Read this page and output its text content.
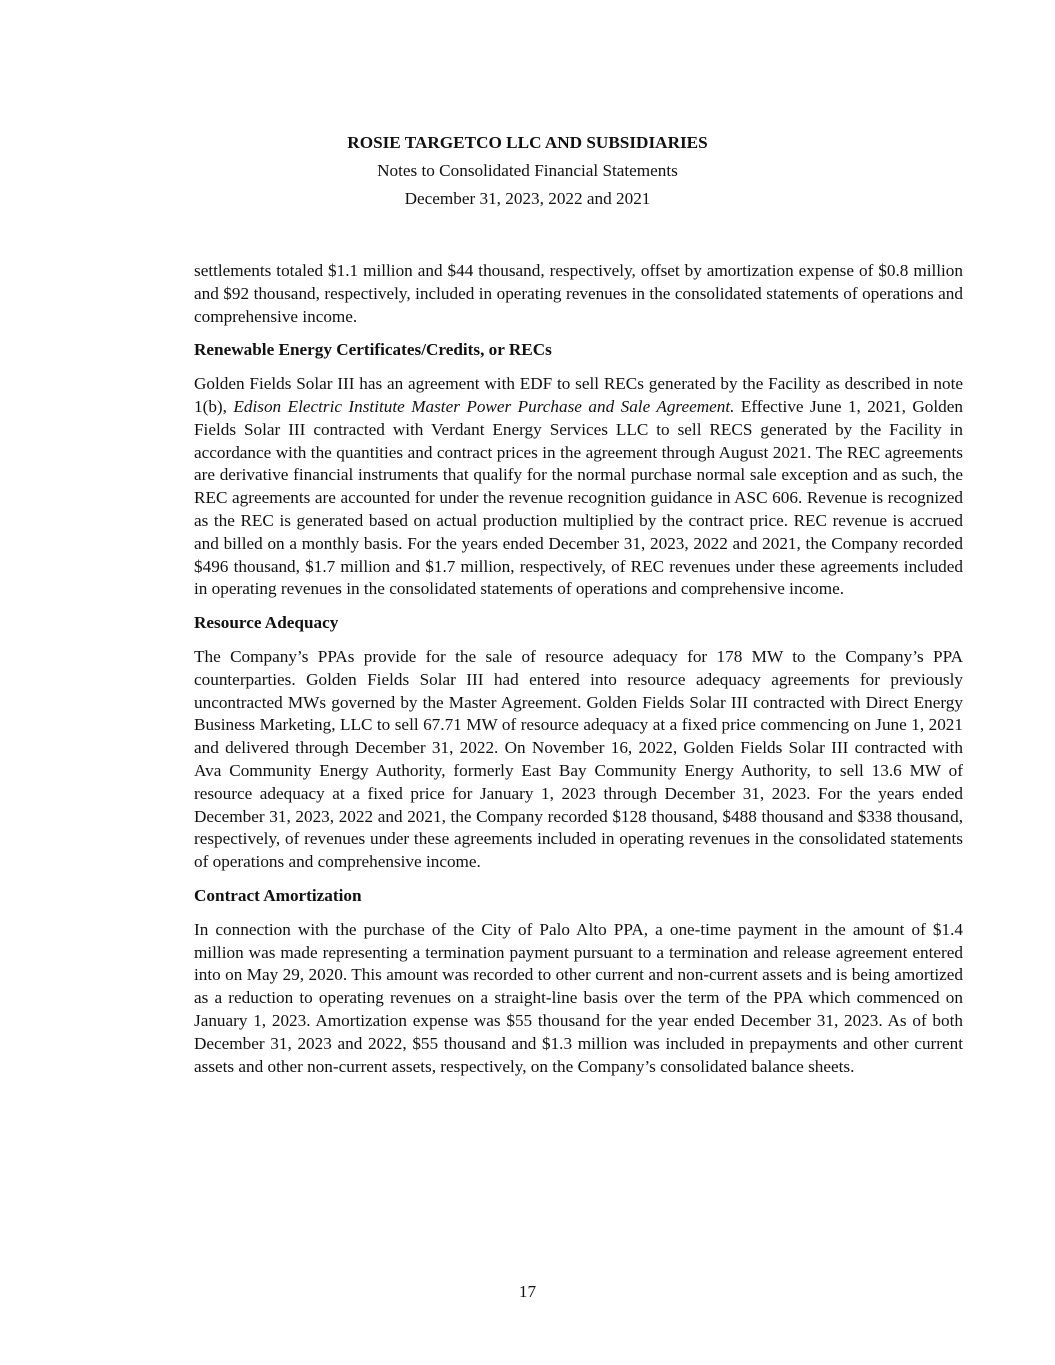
ROSIE TARGETCO LLC AND SUBSIDIARIES

Notes to Consolidated Financial Statements

December 31, 2023, 2022 and 2021

settlements totaled $1.1 million and $44 thousand, respectively, offset by amortization expense of $0.8 million and $92 thousand, respectively, included in operating revenues in the consolidated statements of operations and comprehensive income.

Renewable Energy Certificates/Credits, or RECs

Golden Fields Solar III has an agreement with EDF to sell RECs generated by the Facility as described in note 1(b), Edison Electric Institute Master Power Purchase and Sale Agreement. Effective June 1, 2021, Golden Fields Solar III contracted with Verdant Energy Services LLC to sell RECS generated by the Facility in accordance with the quantities and contract prices in the agreement through August 2021. The REC agreements are derivative financial instruments that qualify for the normal purchase normal sale exception and as such, the REC agreements are accounted for under the revenue recognition guidance in ASC 606. Revenue is recognized as the REC is generated based on actual production multiplied by the contract price. REC revenue is accrued and billed on a monthly basis. For the years ended December 31, 2023, 2022 and 2021, the Company recorded $496 thousand, $1.7 million and $1.7 million, respectively, of REC revenues under these agreements included in operating revenues in the consolidated statements of operations and comprehensive income.

Resource Adequacy

The Company’s PPAs provide for the sale of resource adequacy for 178 MW to the Company’s PPA counterparties. Golden Fields Solar III had entered into resource adequacy agreements for previously uncontracted MWs governed by the Master Agreement. Golden Fields Solar III contracted with Direct Energy Business Marketing, LLC to sell 67.71 MW of resource adequacy at a fixed price commencing on June 1, 2021 and delivered through December 31, 2022. On November 16, 2022, Golden Fields Solar III contracted with Ava Community Energy Authority, formerly East Bay Community Energy Authority, to sell 13.6 MW of resource adequacy at a fixed price for January 1, 2023 through December 31, 2023. For the years ended December 31, 2023, 2022 and 2021, the Company recorded $128 thousand, $488 thousand and $338 thousand, respectively, of revenues under these agreements included in operating revenues in the consolidated statements of operations and comprehensive income.

Contract Amortization

In connection with the purchase of the City of Palo Alto PPA, a one-time payment in the amount of $1.4 million was made representing a termination payment pursuant to a termination and release agreement entered into on May 29, 2020. This amount was recorded to other current and non-current assets and is being amortized as a reduction to operating revenues on a straight-line basis over the term of the PPA which commenced on January 1, 2023. Amortization expense was $55 thousand for the year ended December 31, 2023. As of both December 31, 2023 and 2022, $55 thousand and $1.3 million was included in prepayments and other current assets and other non-current assets, respectively, on the Company’s consolidated balance sheets.

17
